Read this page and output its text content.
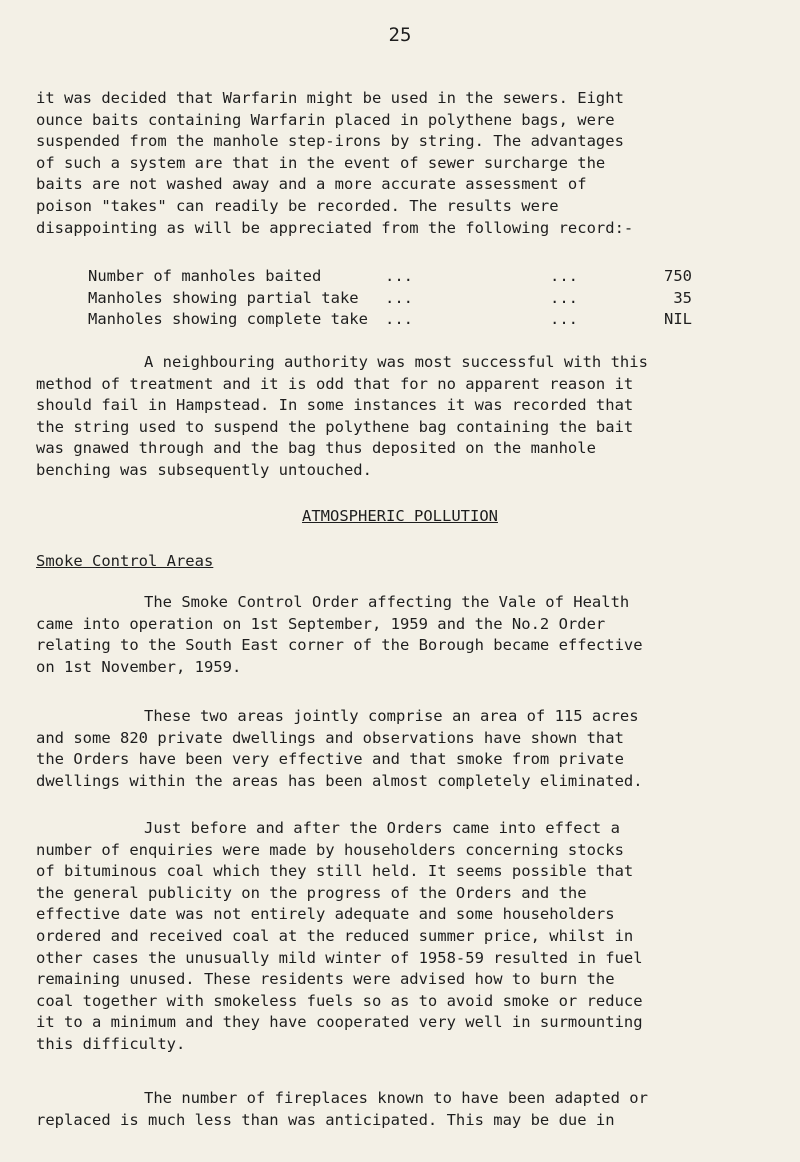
25
it was decided that Warfarin might be used in the sewers. Eight
ounce baits containing Warfarin placed in polythene bags, were
suspended from the manhole step-irons by string. The advantages
of such a system are that in the event of sewer surcharge the
baits are not washed away and a more accurate assessment of
poison "takes" can readily be recorded. The results were
disappointing as will be appreciated from the following record:-
Number of manholes baited	...	...	750
Manholes showing partial take ...	...	35
Manholes showing complete take ...	...	NIL
A neighbouring authority was most successful with this
method of treatment and it is odd that for no apparent reason it
should fail in Hampstead. In some instances it was recorded that
the string used to suspend the polythene bag containing the bait
was gnawed through and the bag thus deposited on the manhole
benching was subsequently untouched.
ATMOSPHERIC POLLUTION
Smoke Control Areas
The Smoke Control Order affecting the Vale of Health
came into operation on 1st September, 1959 and the No.2 Order
relating to the South East corner of the Borough became effective
on 1st November, 1959.
These two areas jointly comprise an area of 115 acres
and some 820 private dwellings and observations have shown that
the Orders have been very effective and that smoke from private
dwellings within the areas has been almost completely eliminated.
Just before and after the Orders came into effect a
number of enquiries were made by householders concerning stocks
of bituminous coal which they still held. It seems possible that
the general publicity on the progress of the Orders and the
effective date was not entirely adequate and some householders
ordered and received coal at the reduced summer price, whilst in
other cases the unusually mild winter of 1958-59 resulted in fuel
remaining unused. These residents were advised how to burn the
coal together with smokeless fuels so as to avoid smoke or reduce
it to a minimum and they have cooperated very well in surmounting
this difficulty.
The number of fireplaces known to have been adapted or
replaced is much less than was anticipated. This may be due in
